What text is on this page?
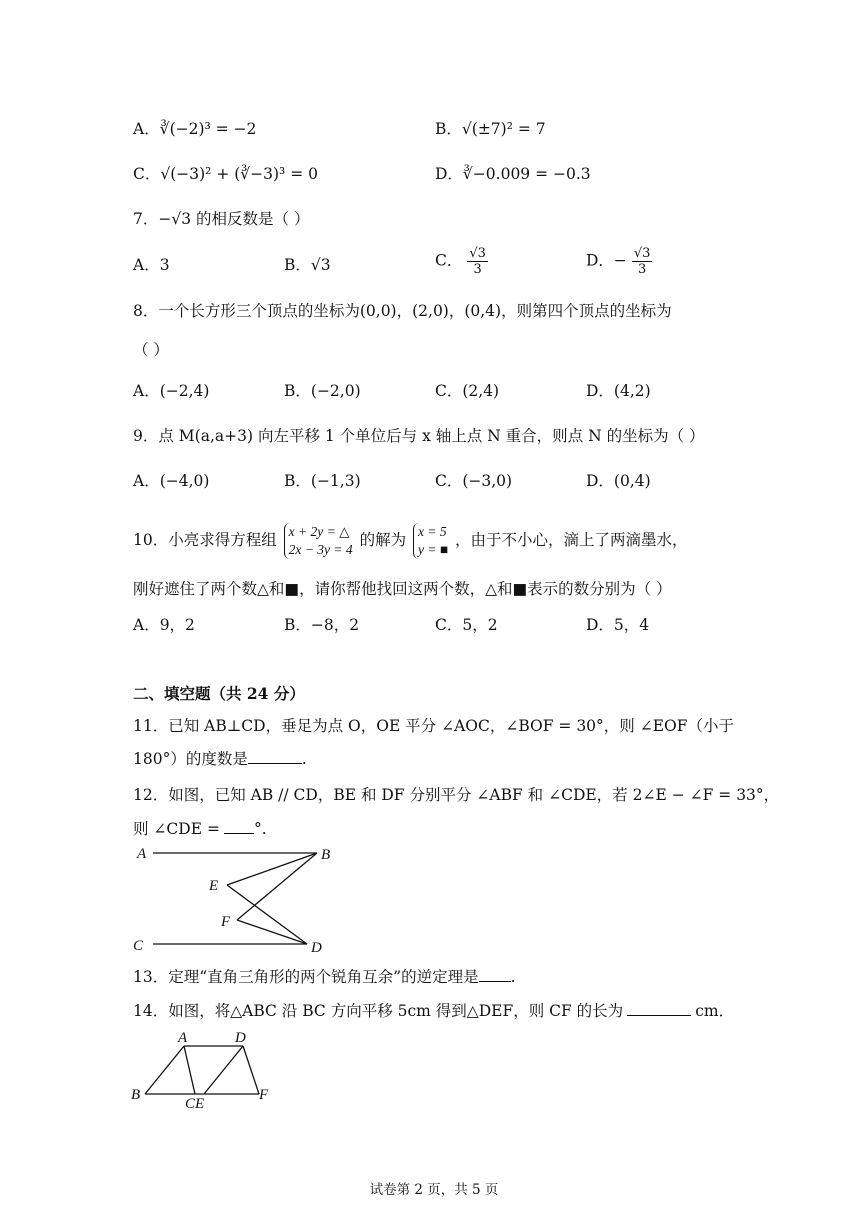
A．∛(−2)³ = −2	B．√(±7)² = 7
C．√(−3)² + (∛−3)³ = 0	D．∛−0.009 = −0.3
7．−√3 的相反数是（ ）
A．3	B．√3	C． $\frac{√3}{3}$	D．− $\frac{√3}{3}$
8．一个长方形三个顶点的坐标为(0,0)，(2,0)，(0,4)，则第四个顶点的坐标为
（ ）
A．(−2,4)	B．(−2,0)	C．(2,4)	D．(4,2)
9．点 M(a,a+3) 向左平移 1 个单位后与 x 轴上点 N 重合，则点 N 的坐标为（ ）
A．(−4,0)	B．(−1,3)	C．(−3,0)	D．(0,4)
10．小亮求得方程组 x + 2y = △
2x − 3y = 4
的解为 x = 5
y = ■
，由于不小心，滴上了两滴墨水，
刚好遮住了两个数△和■，请你帮他找回这两个数，△和■表示的数分别为（ ）
A．9，2	B．−8，2	C．5，2	D．5，4
二、填空题（共 24 分）
11．已知 AB⊥CD，垂足为点 O，OE 平分 ∠AOC，∠BOF = 30°，则 ∠EOF（小于
180°）的度数是	.
12．如图，已知 AB // CD，BE 和 DF 分别平分 ∠ABF 和 ∠CDE，若 2∠E − ∠F = 33°，
则 ∠CDE = °.
A	B
E
F
C	D
13．定理“直角三角形的两个锐角互余”的逆定理是 .
14．如图，将△ABC 沿 BC 方向平移 5cm 得到△DEF，则 CF 的长为	cm．
A	D
B
CE
F
试卷第 2 页，共 5 页
